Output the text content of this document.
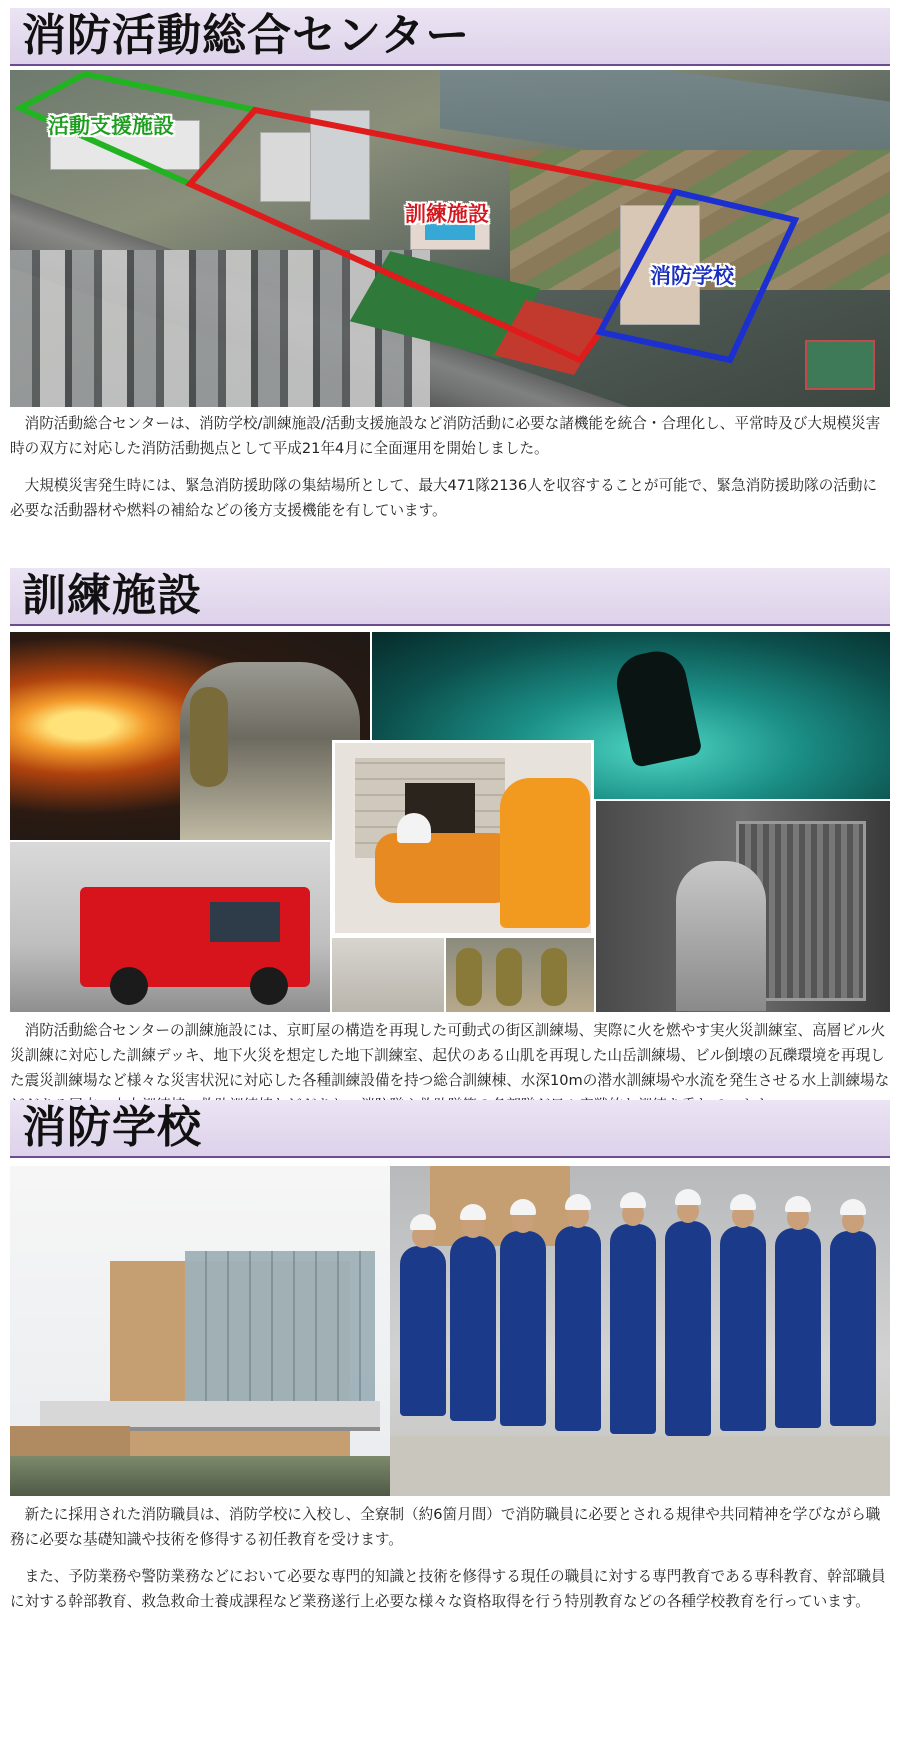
消防活動総合センター
活動支援施設
訓練施設
消防学校

消防活動総合センターは、消防学校/訓練施設/活動支援施設など消防活動に必要な諸機能を統合・合理化し、平常時及び大規模災害時の双方に対応した消防活動拠点として平成21年4月に全面運用を開始しました。

大規模災害発生時には、緊急消防援助隊の集結場所として、最大471隊2136人を収容することが可能で、緊急消防援助隊の活動に必要な活動器材や燃料の補給などの後方支援機能を有しています。

訓練施設

消防活動総合センターの訓練施設には、京町屋の構造を再現した可動式の街区訓練場、実際に火を燃やす実火災訓練室、高層ビル火災訓練に対応した訓練デッキ、地下火災を想定した地下訓練室、起伏のある山肌を再現した山岳訓練場、ビル倒壊の瓦礫環境を再現した震災訓練場など様々な災害状況に対応した各種訓練設備を持つ総合訓練棟、水深10mの潜水訓練場や水流を発生させる水上訓練場な

消防学校

新たに採用された消防職員は、消防学校に入校し、全寮制（約6箇月間）で消防職員に必要とされる規律や共同精神を学びながら職務に必要な基礎知識や技術を修得する初任教育を受けます。

また、予防業務や警防業務などにおいて必要な専門的知識と技術を修得する現任の職員に対する専門教育である専科教育、幹部職員に対する幹部教育、救急救命士養成課程など業務遂行上必要な様々な資格取得を行う特別教育などの各種学校教育を行っています。
